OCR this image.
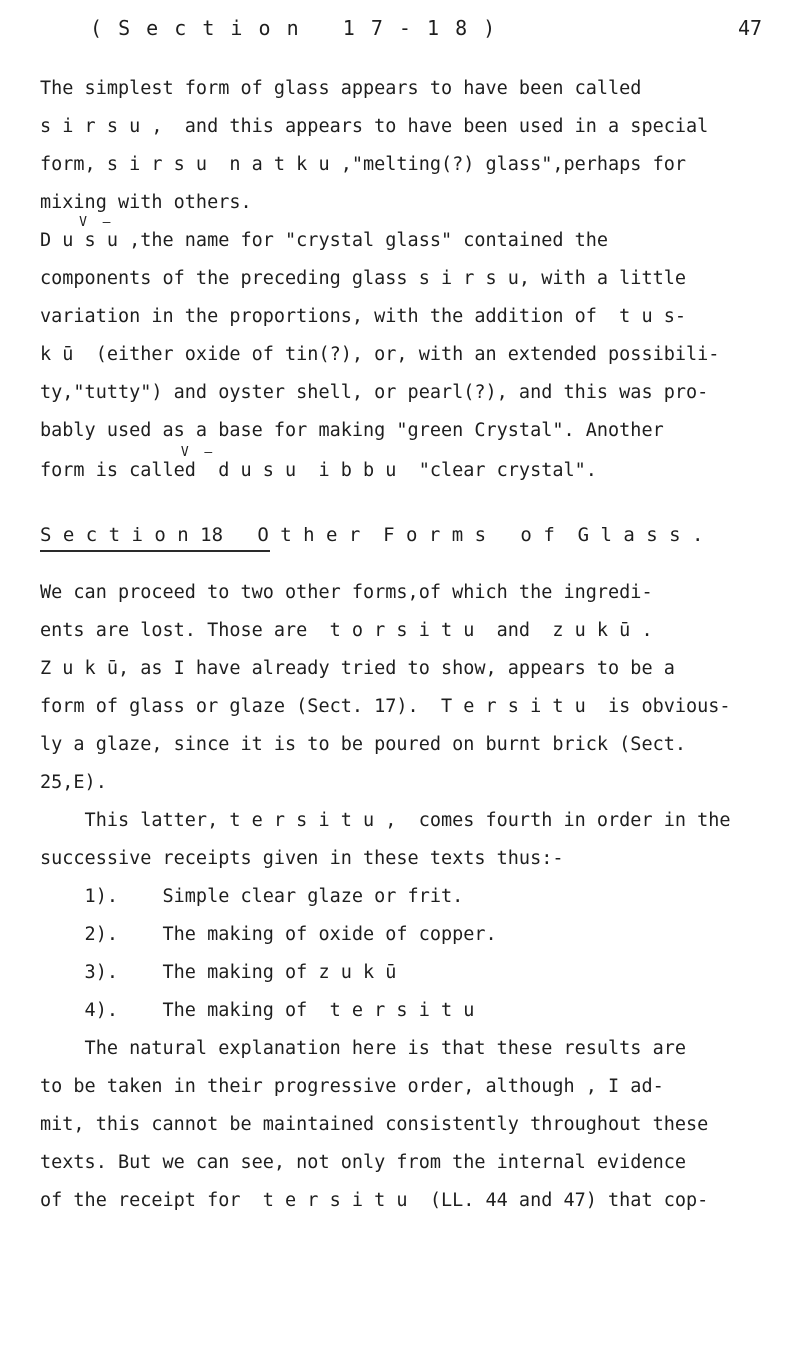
( S e c t i o n   1 7 - 1 8 )	47
The simplest form of glass appears to have been called
s i r s u ,  and this appears to have been used in a special
form, s i r s u  n a t k u ,"melting(?) glass",perhaps for
mixing with others.
V  —
D u s u ,the name for "crystal glass" contained the
components of the preceding glass s i r s u, with a little
variation in the proportions, with the addition of  t u s-
k ū  (either oxide of tin(?), or, with an extended possibili-
ty,"tutty") and oyster shell, or pearl(?), and this was pro-
bably used as a base for making "green Crystal". Another
V  —
form is called  d u s u  i b b u  "clear crystal".
S e c t i o n 18   O t h e r  F o r m s   o f  G l a s s .
We can proceed to two other forms,of which the ingredi-
ents are lost. Those are  t o r s i t u  and  z u k ū .
Z u k ū, as I have already tried to show, appears to be a
form of glass or glaze (Sect. 17).  T e r s i t u  is obvious-
ly a glaze, since it is to be poured on burnt brick (Sect.
25,E).
This latter, t e r s i t u ,  comes fourth in order in the
successive receipts given in these texts thus:-
1).    Simple clear glaze or frit.
2).    The making of oxide of copper.
3).    The making of z u k ū
4).    The making of  t e r s i t u
The natural explanation here is that these results are
to be taken in their progressive order, although , I ad-
mit, this cannot be maintained consistently throughout these
texts. But we can see, not only from the internal evidence
of the receipt for  t e r s i t u  (LL. 44 and 47) that cop-
